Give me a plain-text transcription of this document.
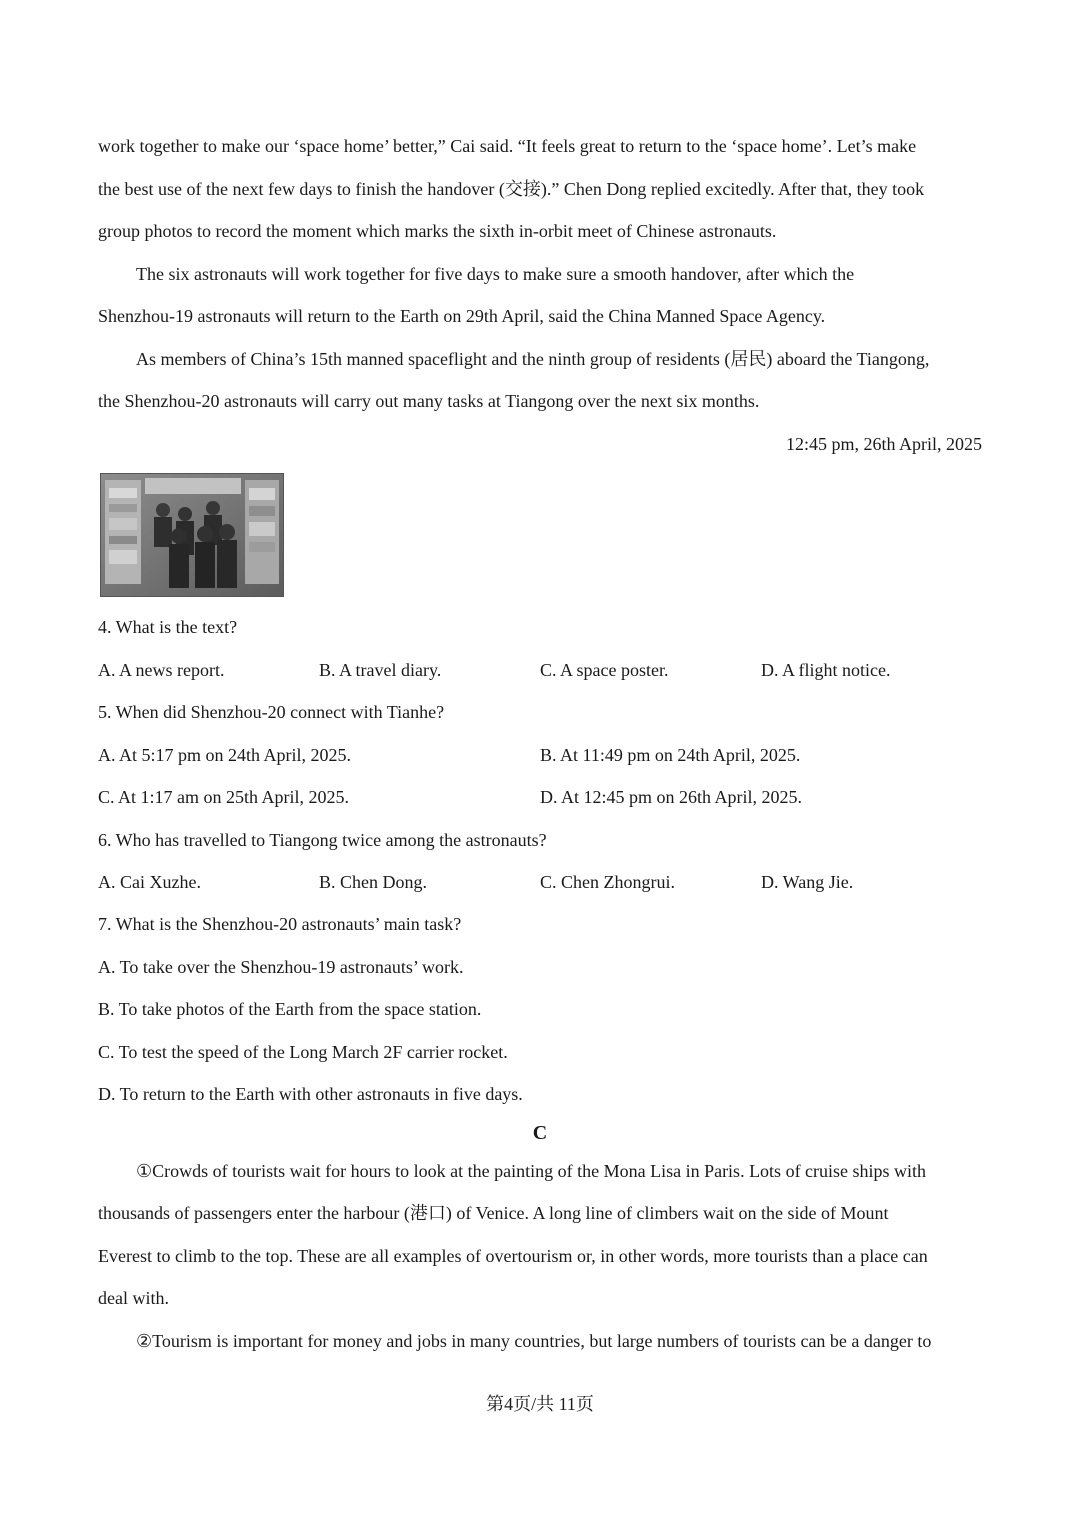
work together to make our ‘space home’ better,” Cai said. “It feels great to return to the ‘space home’. Let’s make
the best use of the next few days to finish the handover (交接).” Chen Dong replied excitedly. After that, they took
group photos to record the moment which marks the sixth in-orbit meet of Chinese astronauts.
The six astronauts will work together for five days to make sure a smooth handover, after which the
Shenzhou-19 astronauts will return to the Earth on 29th April, said the China Manned Space Agency.
As members of China’s 15th manned spaceflight and the ninth group of residents (居民) aboard the Tiangong,
the Shenzhou-20 astronauts will carry out many tasks at Tiangong over the next six months.
12:45 pm, 26th April, 2025
4. What is the text?
A. A news report.	B. A travel diary.	C. A space poster.	D. A flight notice.
5. When did Shenzhou-20 connect with Tianhe?
A. At 5:17 pm on 24th April, 2025.	B. At 11:49 pm on 24th April, 2025.
C. At 1:17 am on 25th April, 2025.	D. At 12:45 pm on 26th April, 2025.
6. Who has travelled to Tiangong twice among the astronauts?
A. Cai Xuzhe.	B. Chen Dong.	C. Chen Zhongrui.	D. Wang Jie.
7. What is the Shenzhou-20 astronauts’ main task?
A. To take over the Shenzhou-19 astronauts’ work.
B. To take photos of the Earth from the space station.
C. To test the speed of the Long March 2F carrier rocket.
D. To return to the Earth with other astronauts in five days.
C
①Crowds of tourists wait for hours to look at the painting of the Mona Lisa in Paris. Lots of cruise ships with
thousands of passengers enter the harbour (港口) of Venice. A long line of climbers wait on the side of Mount
Everest to climb to the top. These are all examples of overtourism or, in other words, more tourists than a place can
deal with.
②Tourism is important for money and jobs in many countries, but large numbers of tourists can be a danger to
第4页/共 11页
